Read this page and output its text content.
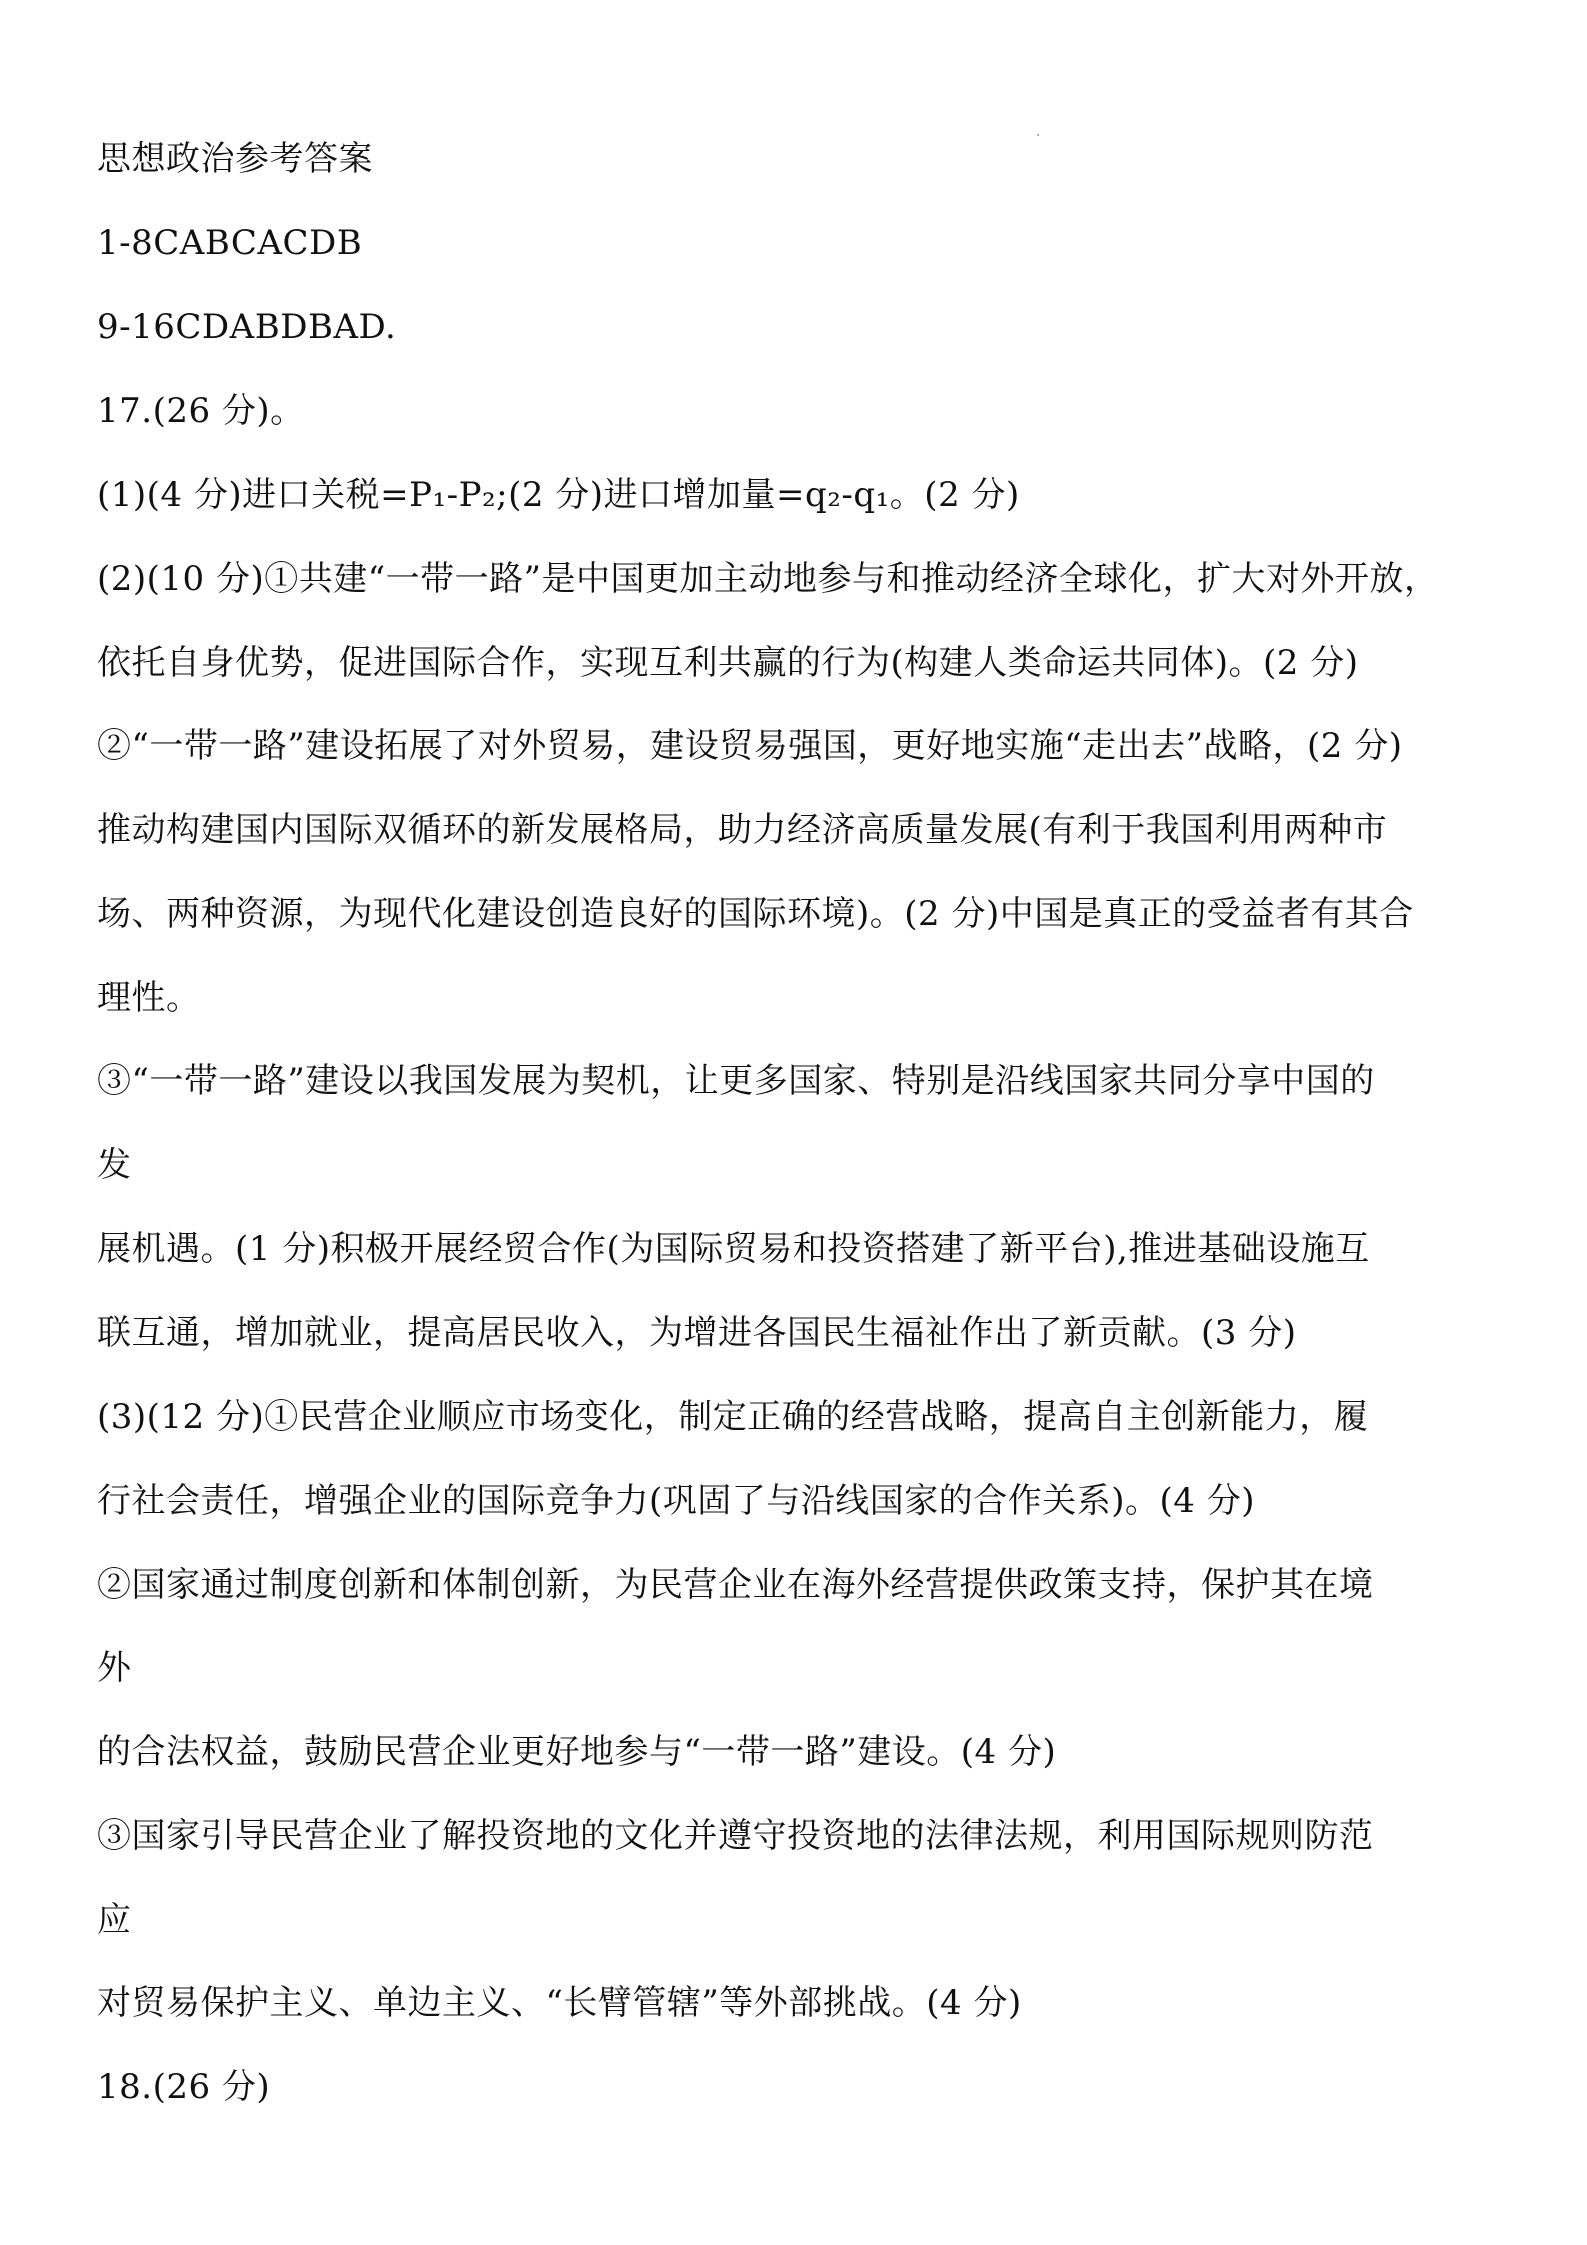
思想政治参考答案
1-8CABCACDB
9-16CDABDBAD.
17.(26 分)。
(1)(4 分)进口关税=P₁-P₂;(2 分)进口增加量=q₂-q₁。(2 分)
(2)(10 分)①共建“一带一路”是中国更加主动地参与和推动经济全球化，扩大对外开放，
依托自身优势，促进国际合作，实现互利共赢的行为(构建人类命运共同体)。(2 分)
②“一带一路”建设拓展了对外贸易，建设贸易强国，更好地实施“走出去”战略，(2 分)
推动构建国内国际双循环的新发展格局，助力经济高质量发展(有利于我国利用两种市
场、两种资源，为现代化建设创造良好的国际环境)。(2 分)中国是真正的受益者有其合
理性。
③“一带一路”建设以我国发展为契机，让更多国家、特别是沿线国家共同分享中国的
发
展机遇。(1 分)积极开展经贸合作(为国际贸易和投资搭建了新平台),推进基础设施互
联互通，增加就业，提高居民收入，为增进各国民生福祉作出了新贡献。(3 分)
(3)(12 分)①民营企业顺应市场变化，制定正确的经营战略，提高自主创新能力，履
行社会责任，增强企业的国际竞争力(巩固了与沿线国家的合作关系)。(4 分)
②国家通过制度创新和体制创新，为民营企业在海外经营提供政策支持，保护其在境
外
的合法权益，鼓励民营企业更好地参与“一带一路”建设。(4 分)
③国家引导民营企业了解投资地的文化并遵守投资地的法律法规，利用国际规则防范
应
对贸易保护主义、单边主义、“长臂管辖”等外部挑战。(4 分)
18.(26 分)
